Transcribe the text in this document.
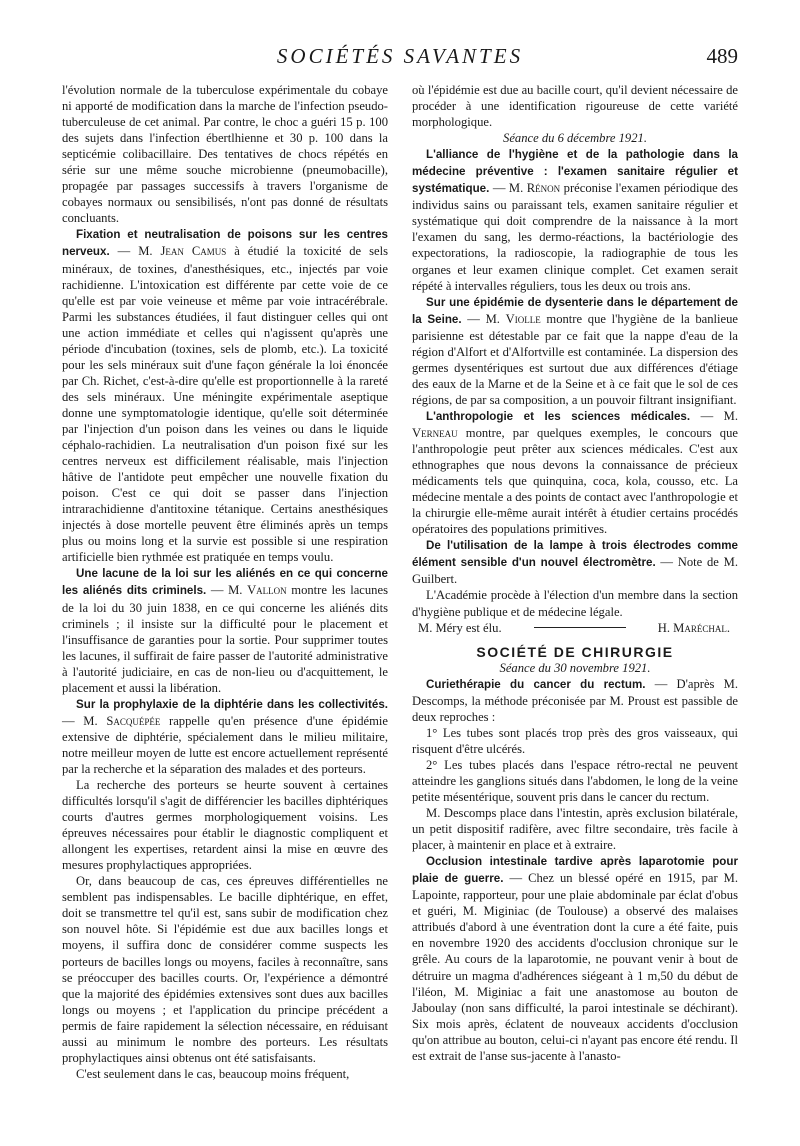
SOCIÉTÉS SAVANTES	489

l'évolution normale de la tuberculose expérimentale du cobaye ni apporté de modification dans la marche de l'infection pseudo-tuberculeuse de cet animal. Par contre, le choc a guéri 15 p. 100 des sujets dans l'infection ébertlhienne et 30 p. 100 dans la septicémie colibacillaire. Des tentatives de chocs répétés en série sur une même souche microbienne (pneumobacille), propagée par passages successifs à travers l'organisme de cobayes normaux ou sensibilisés, n'ont pas donné de résultats concluants.

Fixation et neutralisation de poisons sur les centres nerveux. — M. Jean Camus à étudié la toxicité de sels minéraux, de toxines, d'anesthésiques, etc., injectés par voie rachidienne. L'intoxication est différente par cette voie de ce qu'elle est par voie veineuse et même par voie intracérébrale. Parmi les substances étudiées, il faut distinguer celles qui ont une action immédiate et celles qui n'agissent qu'après une période d'incubation (toxines, sels de plomb, etc.). La toxicité pour les sels minéraux suit d'une façon générale la loi énoncée par Ch. Richet, c'est-à-dire qu'elle est proportionnelle à la rareté des sels minéraux. Une méningite expérimentale aseptique donne une symptomatologie identique, qu'elle soit déterminée par l'injection d'un poison dans les veines ou dans le liquide céphalo-rachidien. La neutralisation d'un poison fixé sur les centres nerveux est difficilement réalisable, mais l'injection hâtive de l'antidote peut empêcher une nouvelle fixation du poison. C'est ce qui doit se passer dans l'injection intrarachidienne d'antitoxine tétanique. Certains anesthésiques injectés à dose mortelle peuvent être éliminés après un temps plus ou moins long et la survie est possible si une respiration artificielle bien rythmée est pratiquée en temps voulu.

Une lacune de la loi sur les aliénés en ce qui concerne les aliénés dits criminels. — M. Vallon montre les lacunes de la loi du 30 juin 1838, en ce qui concerne les aliénés dits criminels ; il insiste sur la difficulté pour le placement et l'insuffisance de garanties pour la sortie. Pour supprimer toutes les lacunes, il suffirait de faire passer de l'autorité administrative à l'autorité judiciaire, en cas de non-lieu ou d'acquittement, le placement et aussi la libération.

Sur la prophylaxie de la diphtérie dans les collectivités. — M. Sacquépée rappelle qu'en présence d'une épidémie extensive de diphtérie, spécialement dans le milieu militaire, notre meilleur moyen de lutte est encore actuellement représenté par la recherche et la séparation des malades et des porteurs.

La recherche des porteurs se heurte souvent à certaines difficultés lorsqu'il s'agit de différencier les bacilles diphtériques courts d'autres germes morphologiquement voisins. Les épreuves nécessaires pour établir le diagnostic compliquent et allongent les expertises, retardent ainsi la mise en œuvre des mesures prophylactiques appropriées.

Or, dans beaucoup de cas, ces épreuves différentielles ne semblent pas indispensables. Le bacille diphtérique, en effet, doit se transmettre tel qu'il est, sans subir de modification chez son nouvel hôte. Si l'épidémie est due aux bacilles longs et moyens, il suffira donc de considérer comme suspects les porteurs de bacilles longs ou moyens, faciles à reconnaître, sans se préoccuper des bacilles courts. Or, l'expérience a démontré que la majorité des épidémies extensives sont dues aux bacilles longs ou moyens ; et l'application du principe précédent a permis de faire rapidement la sélection nécessaire, en réduisant aussi au minimum le nombre des porteurs. Les résultats prophylactiques ainsi obtenus ont été satisfaisants.

C'est seulement dans le cas, beaucoup moins fréquent,

où l'épidémie est due au bacille court, qu'il devient nécessaire de procéder à une identification rigoureuse de cette variété morphologique.

Séance du 6 décembre 1921.

L'alliance de l'hygiène et de la pathologie dans la médecine préventive : l'examen sanitaire régulier et systématique. — M. Rénon préconise l'examen périodique des individus sains ou paraissant tels, examen sanitaire régulier et systématique qui doit comprendre de la naissance à la mort l'examen du sang, les dermo-réactions, la bactériologie des expectorations, la radioscopie, la radiographie de tous les organes et leur examen clinique complet. Cet examen serait répété à intervalles réguliers, tous les deux ou trois ans.

Sur une épidémie de dysenterie dans le département de la Seine. — M. Violle montre que l'hygiène de la banlieue parisienne est détestable par ce fait que la nappe d'eau de la région d'Alfort et d'Alfortville est contaminée. La dispersion des germes dysentériques est surtout due aux différences d'étiage des eaux de la Marne et de la Seine et à ce fait que le sol de ces régions, de par sa composition, a un pouvoir filtrant insignifiant.

L'anthropologie et les sciences médicales. — M. Verneau montre, par quelques exemples, le concours que l'anthropologie peut prêter aux sciences médicales. C'est aux ethnographes que nous devons la connaissance de précieux médicaments tels que quinquina, coca, kola, cousso, etc. La médecine mentale a des points de contact avec l'anthropologie et la chirurgie elle-même aurait intérêt à étudier certains procédés opératoires des populations primitives.

De l'utilisation de la lampe à trois électrodes comme élément sensible d'un nouvel électromètre. — Note de M. Guilbert.

L'Académie procède à l'élection d'un membre dans la section d'hygiène publique et de médecine légale.

M. Méry est élu.	H. Maréchal.
SOCIÉTÉ DE CHIRURGIE

Séance du 30 novembre 1921.

Curiethérapie du cancer du rectum. — D'après M. Descomps, la méthode préconisée par M. Proust est passible de deux reproches :

1° Les tubes sont placés trop près des gros vaisseaux, qui risquent d'être ulcérés.

2° Les tubes placés dans l'espace rétro-rectal ne peuvent atteindre les ganglions situés dans l'abdomen, le long de la veine petite mésentérique, souvent pris dans le cancer du rectum.

M. Descomps place dans l'intestin, après exclusion bilatérale, un petit dispositif radifère, avec filtre secondaire, très facile à placer, à maintenir en place et à extraire.

Occlusion intestinale tardive après laparotomie pour plaie de guerre. — Chez un blessé opéré en 1915, par M. Lapointe, rapporteur, pour une plaie abdominale par éclat d'obus et guéri, M. Miginiac (de Toulouse) a observé des malaises attribués d'abord à une éventration dont la cure a été faite, puis en novembre 1920 des accidents d'occlusion chronique sur le grêle. Au cours de la laparotomie, ne pouvant venir à bout de détruire un magma d'adhérences siégeant à 1 m,50 du début de l'iléon, M. Miginiac a fait une anastomose au bouton de Jaboulay (non sans difficulté, la paroi intestinale se déchirant). Six mois après, éclatent de nouveaux accidents d'occlusion qu'on attribue au bouton, celui-ci n'ayant pas encore été rendu. Il est extrait de l'anse sus-jacente à l'anasto-
